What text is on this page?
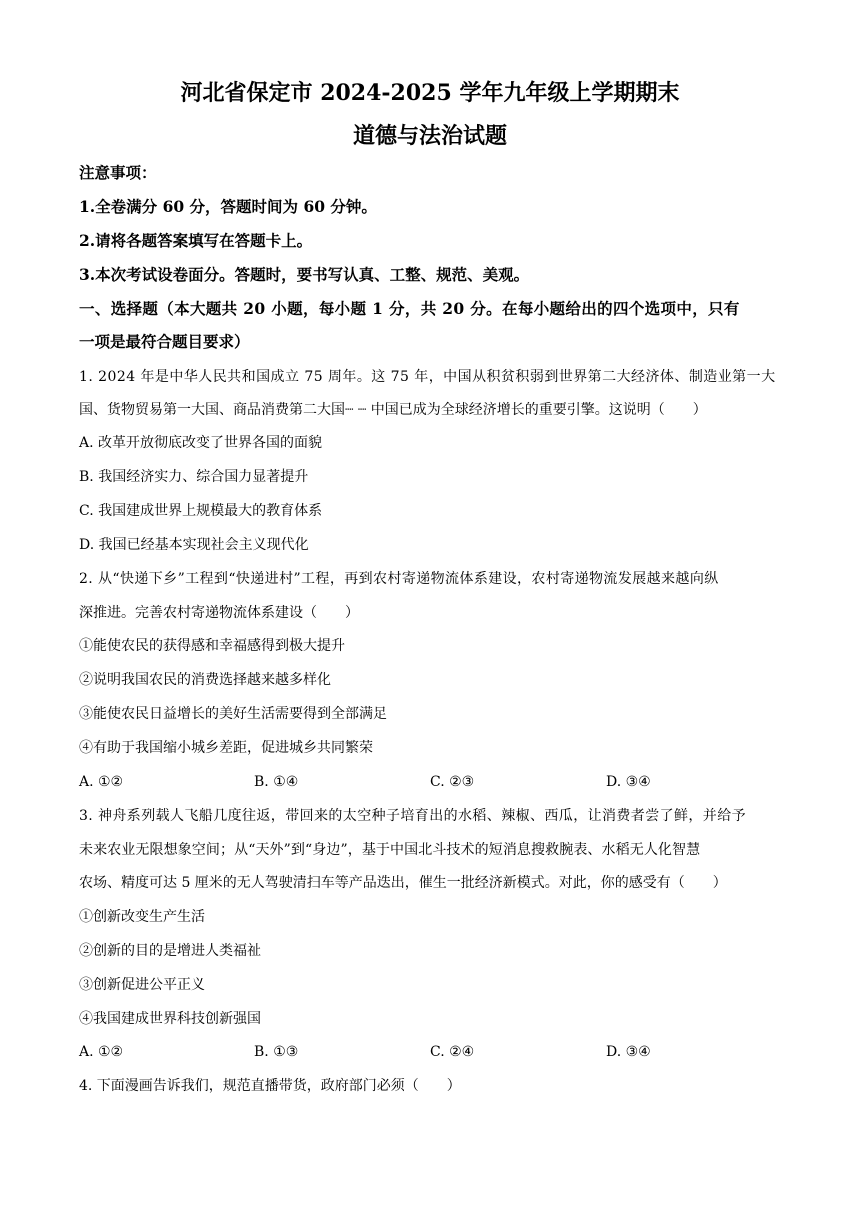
河北省保定市 2024-2025 学年九年级上学期期末
道德与法治试题
注意事项：
1.全卷满分 60 分，答题时间为 60 分钟。
2.请将各题答案填写在答题卡上。
3.本次考试设卷面分。答题时，要书写认真、工整、规范、美观。
一、选择题（本大题共 20 小题，每小题 1 分，共 20 分。在每小题给出的四个选项中，只有
一项是最符合题目要求）
1. 2024 年是中华人民共和国成立 75 周年。这 75 年，中国从积贫积弱到世界第二大经济体、制造业第一大
国、货物贸易第一大国、商品消费第二大国┈ ┈ 中国已成为全球经济增长的重要引擎。这说明（　　）
A. 改革开放彻底改变了世界各国的面貌
B. 我国经济实力、综合国力显著提升
C. 我国建成世界上规模最大的教育体系
D. 我国已经基本实现社会主义现代化
2. 从“快递下乡”工程到“快递进村”工程，再到农村寄递物流体系建设，农村寄递物流发展越来越向纵
深推进。完善农村寄递物流体系建设（　　）
①能使农民的获得感和幸福感得到极大提升
②说明我国农民的消费选择越来越多样化
③能使农民日益增长的美好生活需要得到全部满足
④有助于我国缩小城乡差距，促进城乡共同繁荣
A. ①②	B. ①④	C. ②③	D. ③④
3. 神舟系列载人飞船几度往返，带回来的太空种子培育出的水稻、辣椒、西瓜，让消费者尝了鲜，并给予
未来农业无限想象空间；从“天外”到“身边”，基于中国北斗技术的短消息搜救腕表、水稻无人化智慧
农场、精度可达 5 厘米的无人驾驶清扫车等产品迭出，催生一批经济新模式。对此，你的感受有（　　）
①创新改变生产生活
②创新的目的是增进人类福祉
③创新促进公平正义
④我国建成世界科技创新强国
A. ①②	B. ①③	C. ②④	D. ③④
4. 下面漫画告诉我们，规范直播带货，政府部门必须（　　）
